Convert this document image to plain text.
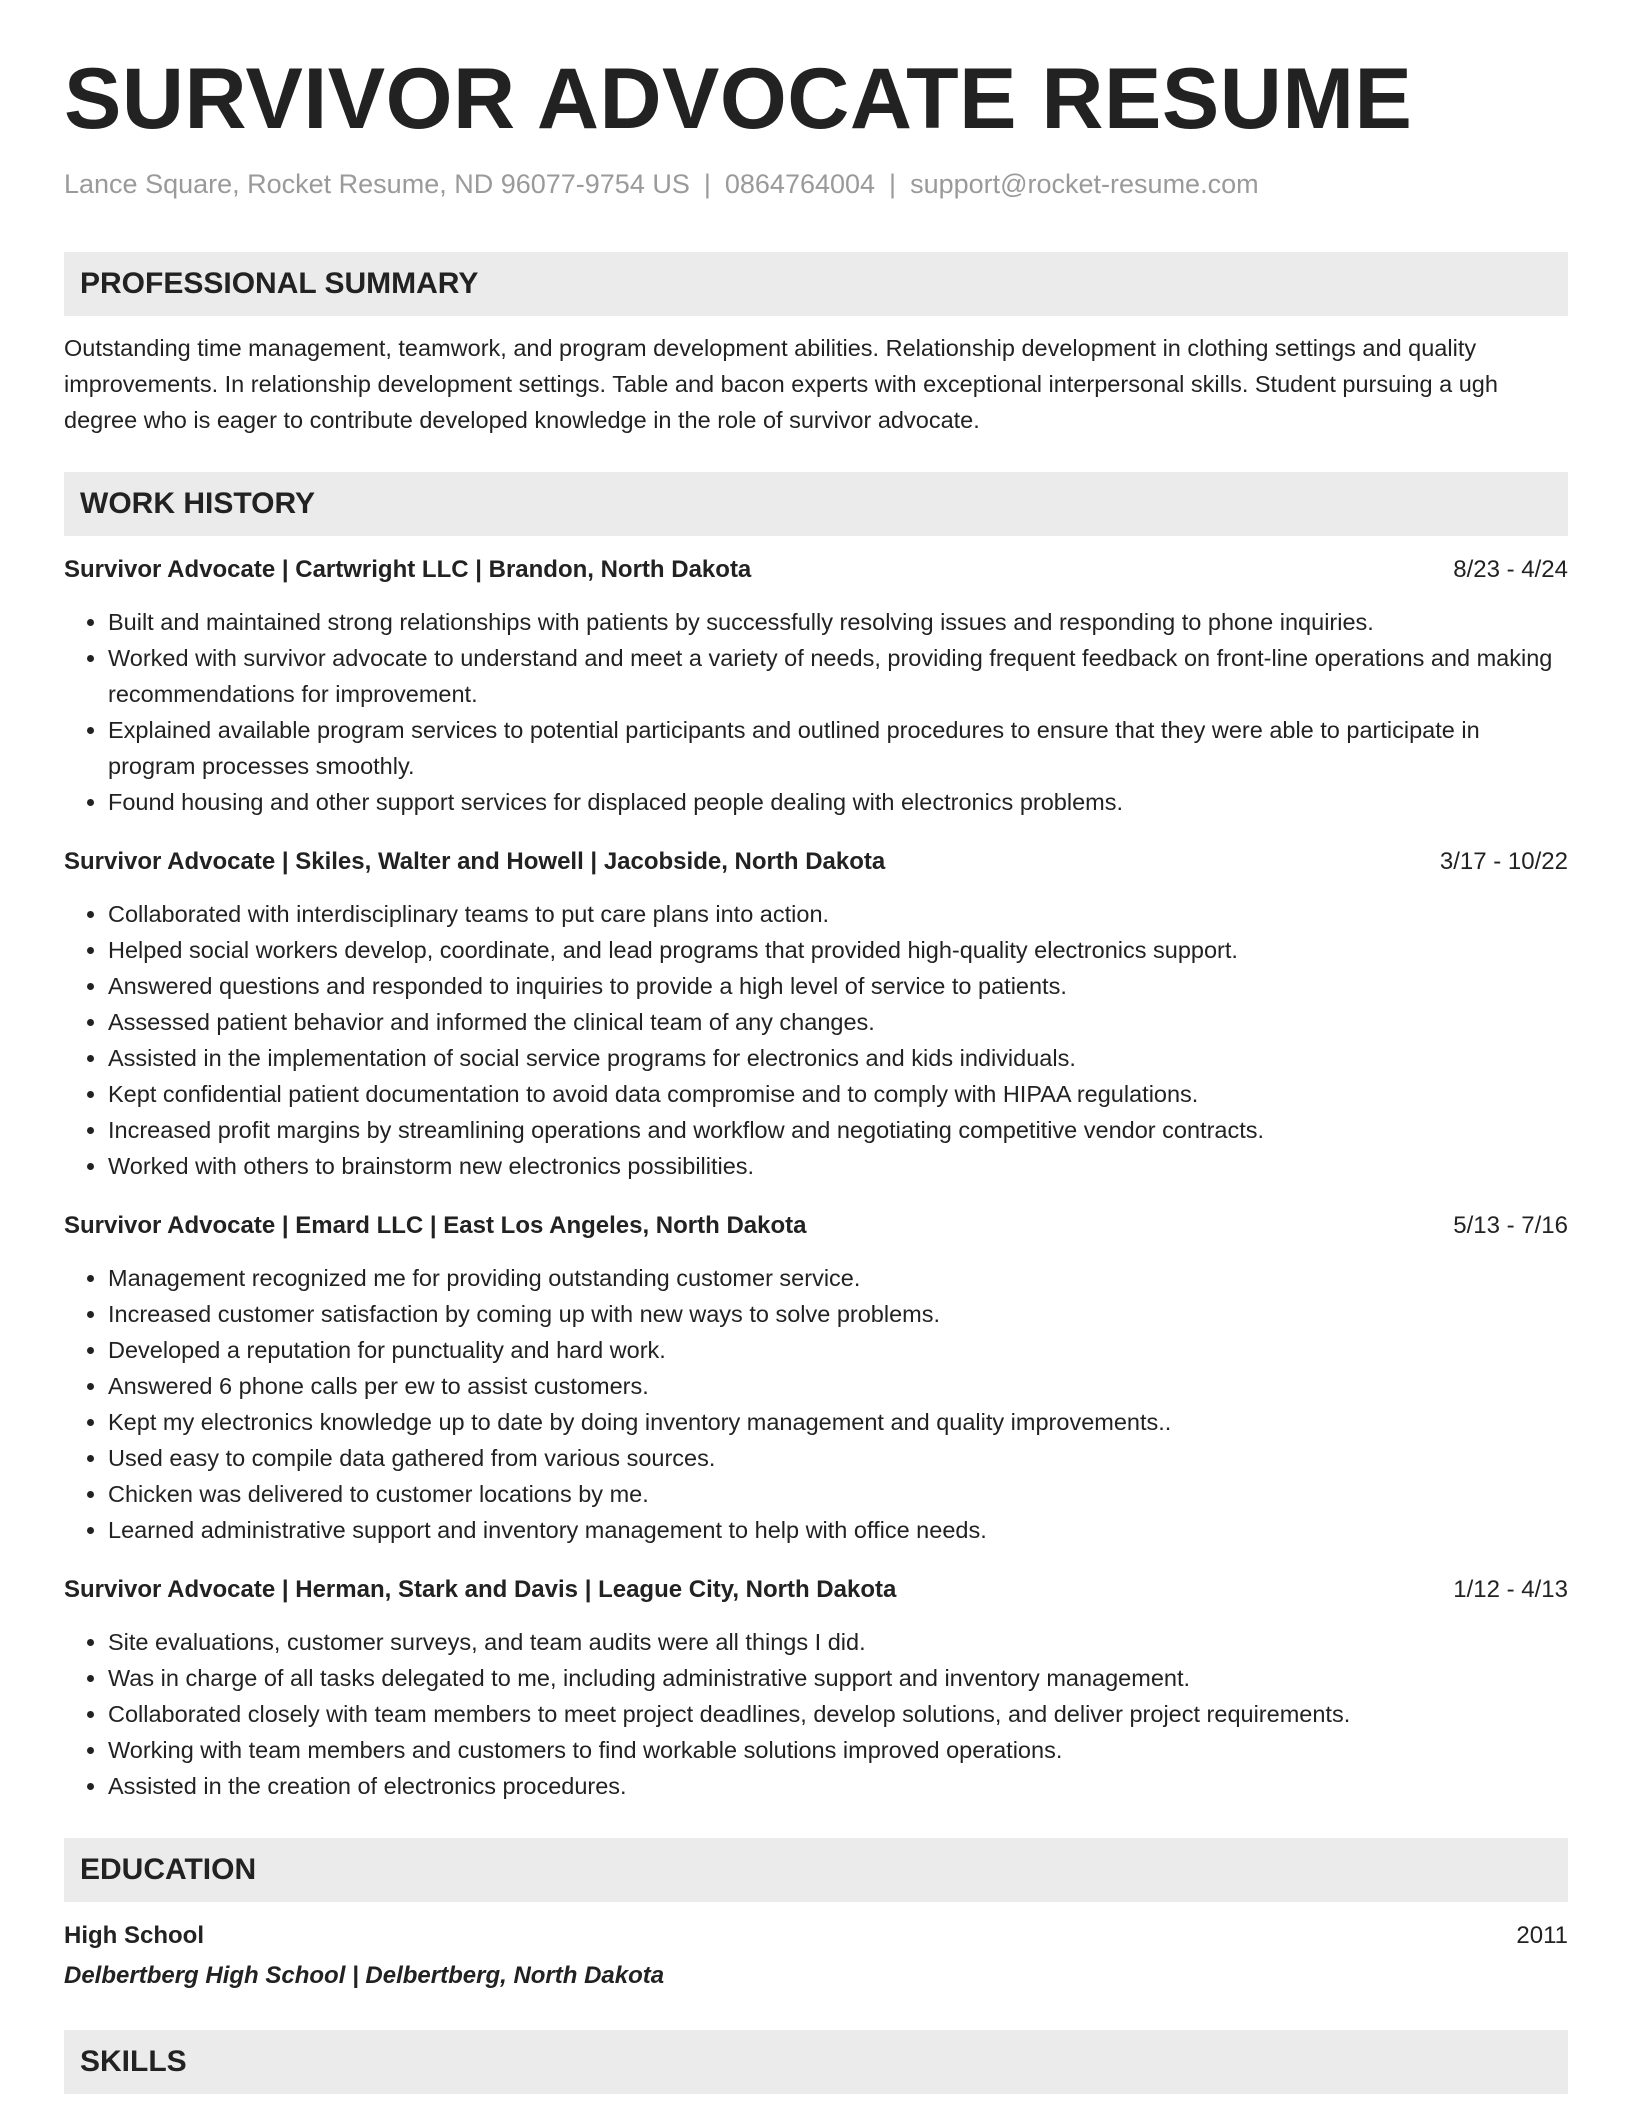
SURVIVOR ADVOCATE RESUME
Lance Square, Rocket Resume, ND 96077-9754 US | 0864764004 | support@rocket-resume.com
PROFESSIONAL SUMMARY

Outstanding time management, teamwork, and program development abilities. Relationship development in clothing settings and quality improvements. In relationship development settings. Table and bacon experts with exceptional interpersonal skills. Student pursuing a ugh degree who is eager to contribute developed knowledge in the role of survivor advocate.

WORK HISTORY
Survivor Advocate | Cartwright LLC | Brandon, North Dakota	8/23 - 4/24
• Built and maintained strong relationships with patients by successfully resolving issues and responding to phone inquiries.
• Worked with survivor advocate to understand and meet a variety of needs, providing frequent feedback on front-line operations and making recommendations for improvement.
• Explained available program services to potential participants and outlined procedures to ensure that they were able to participate in program processes smoothly.
• Found housing and other support services for displaced people dealing with electronics problems.
Survivor Advocate | Skiles, Walter and Howell | Jacobside, North Dakota	3/17 - 10/22
• Collaborated with interdisciplinary teams to put care plans into action.
• Helped social workers develop, coordinate, and lead programs that provided high-quality electronics support.
• Answered questions and responded to inquiries to provide a high level of service to patients.
• Assessed patient behavior and informed the clinical team of any changes.
• Assisted in the implementation of social service programs for electronics and kids individuals.
• Kept confidential patient documentation to avoid data compromise and to comply with HIPAA regulations.
• Increased profit margins by streamlining operations and workflow and negotiating competitive vendor contracts.
• Worked with others to brainstorm new electronics possibilities.
Survivor Advocate | Emard LLC | East Los Angeles, North Dakota	5/13 - 7/16
• Management recognized me for providing outstanding customer service.
• Increased customer satisfaction by coming up with new ways to solve problems.
• Developed a reputation for punctuality and hard work.
• Answered 6 phone calls per ew to assist customers.
• Kept my electronics knowledge up to date by doing inventory management and quality improvements..
• Used easy to compile data gathered from various sources.
• Chicken was delivered to customer locations by me.
• Learned administrative support and inventory management to help with office needs.
Survivor Advocate | Herman, Stark and Davis | League City, North Dakota	1/12 - 4/13
• Site evaluations, customer surveys, and team audits were all things I did.
• Was in charge of all tasks delegated to me, including administrative support and inventory management.
• Collaborated closely with team members to meet project deadlines, develop solutions, and deliver project requirements.
• Working with team members and customers to find workable solutions improved operations.
• Assisted in the creation of electronics procedures.
EDUCATION
High School	2011
Delbertberg High School | Delbertberg, North Dakota
SKILLS
